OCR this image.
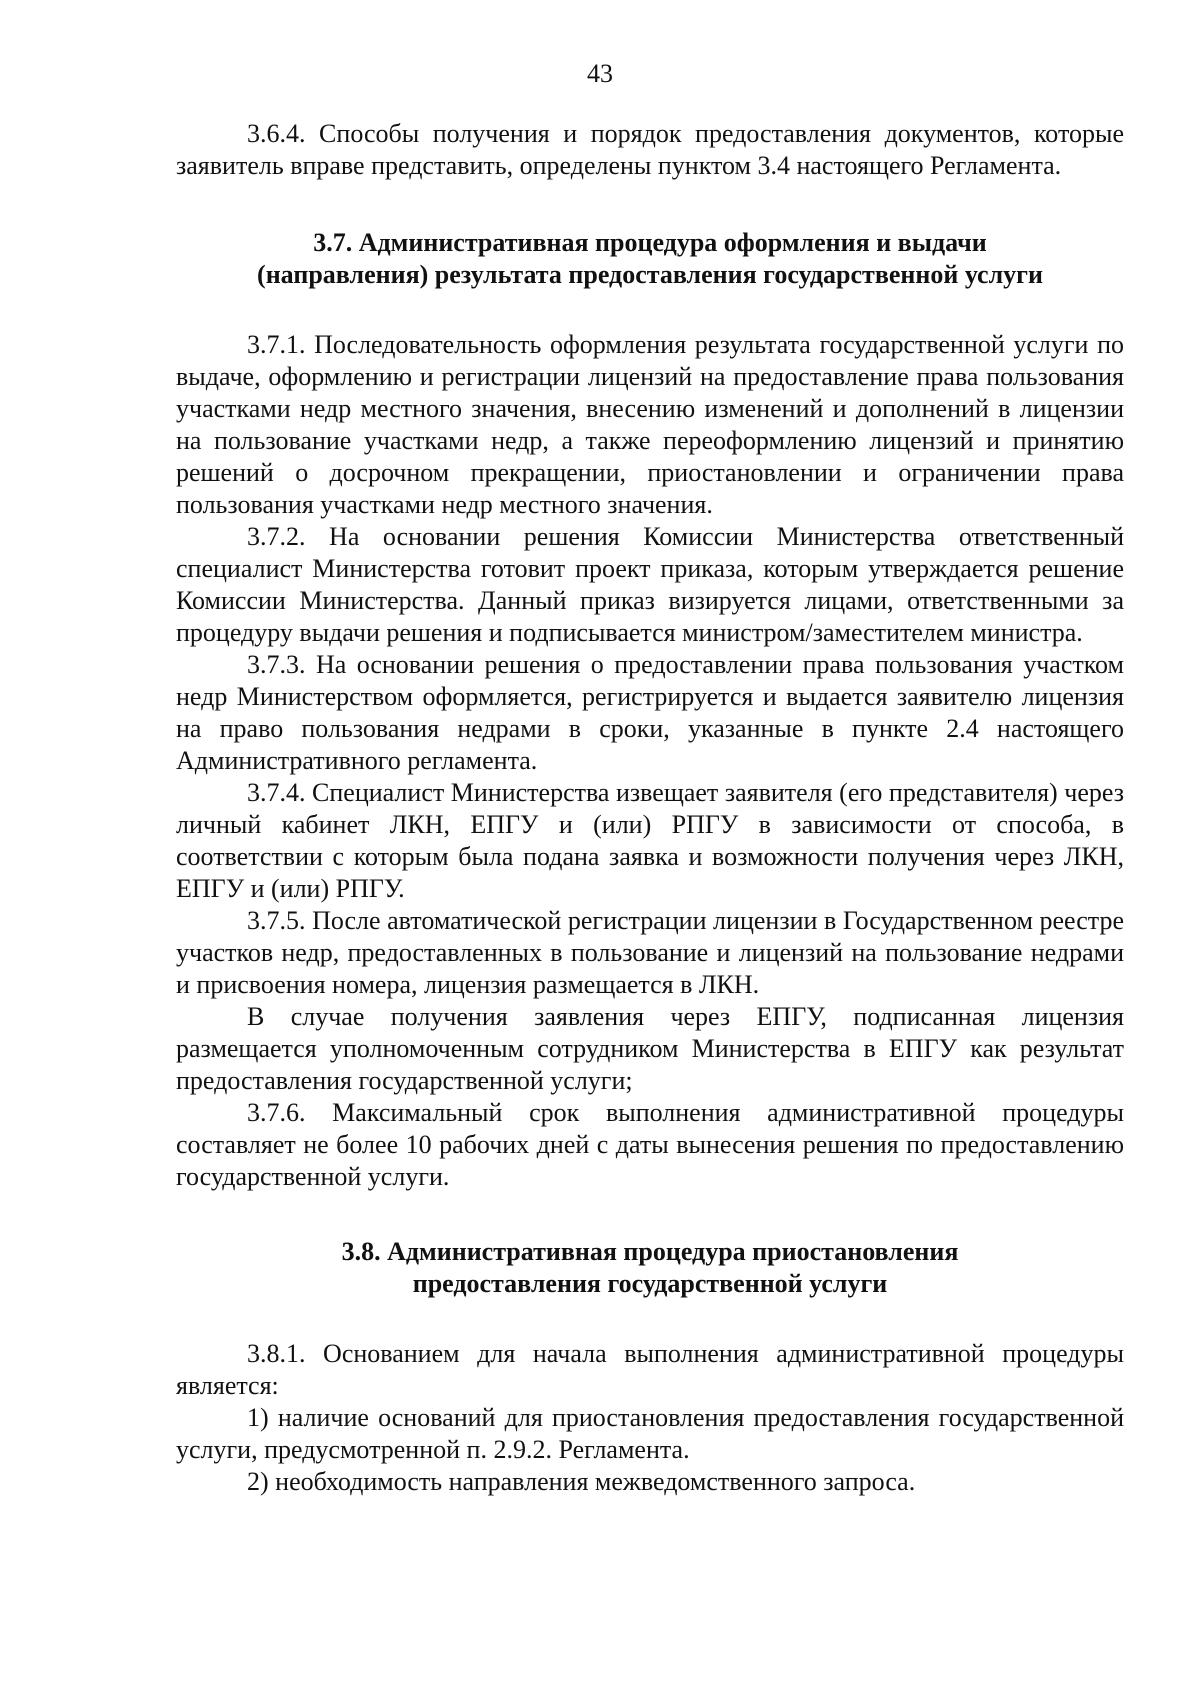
43

3.6.4. Способы получения и порядок предоставления документов, которые заявитель вправе представить, определены пунктом 3.4 настоящего Регламента.

3.7. Административная процедура оформления и выдачи
(направления) результата предоставления государственной услуги

3.7.1. Последовательность оформления результата государственной услуги по выдаче, оформлению и регистрации лицензий на предоставление права пользования участками недр местного значения, внесению изменений и дополнений в лицензии на пользование участками недр, а также переоформлению лицензий и принятию решений о досрочном прекращении, приостановлении и ограничении права пользования участками недр местного значения.

3.7.2. На основании решения Комиссии Министерства ответственный специалист Министерства готовит проект приказа, которым утверждается решение Комиссии Министерства. Данный приказ визируется лицами, ответственными за процедуру выдачи решения и подписывается министром/заместителем министра.

3.7.3. На основании решения о предоставлении права пользования участком недр Министерством оформляется, регистрируется и выдается заявителю лицензия на право пользования недрами в сроки, указанные в пункте 2.4 настоящего Административного регламента.

3.7.4. Специалист Министерства извещает заявителя (его представителя) через личный кабинет ЛКН, ЕПГУ и (или) РПГУ в зависимости от способа, в соответствии с которым была подана заявка и возможности получения через ЛКН, ЕПГУ и (или) РПГУ.

3.7.5. После автоматической регистрации лицензии в Государственном реестре участков недр, предоставленных в пользование и лицензий на пользование недрами и присвоения номера, лицензия размещается в ЛКН.

В случае получения заявления через ЕПГУ, подписанная лицензия размещается уполномоченным сотрудником Министерства в ЕПГУ как результат предоставления государственной услуги;

3.7.6. Максимальный срок выполнения административной процедуры составляет не более 10 рабочих дней с даты вынесения решения по предоставлению государственной услуги.

3.8. Административная процедура приостановления
предоставления государственной услуги

3.8.1. Основанием для начала выполнения административной процедуры является:

1) наличие оснований для приостановления предоставления государственной услуги, предусмотренной п. 2.9.2. Регламента.

2) необходимость направления межведомственного запроса.
